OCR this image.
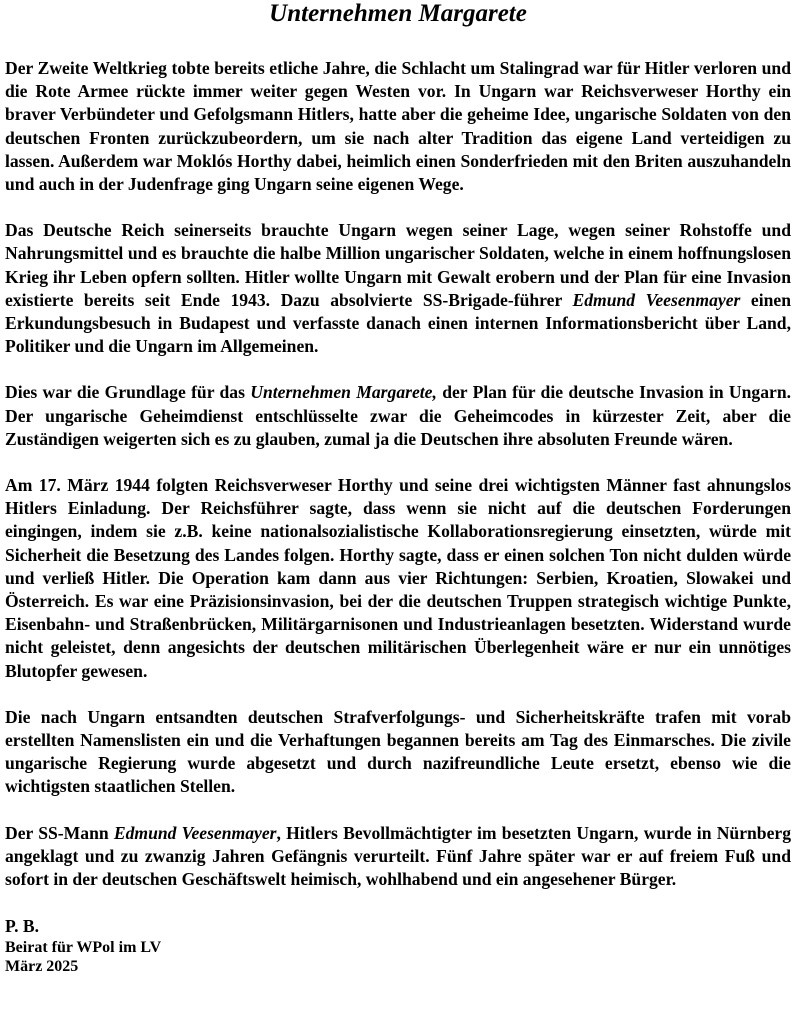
Unternehmen Margarete

Der Zweite Weltkrieg tobte bereits etliche Jahre, die Schlacht um Stalingrad war für Hitler verloren und die Rote Armee rückte immer weiter gegen Westen vor. In Ungarn war Reichsverweser Horthy ein braver Verbündeter und Gefolgsmann Hitlers, hatte aber die geheime Idee, ungarische Soldaten von den deutschen Fronten zurückzubeordern, um sie nach alter Tradition das eigene Land verteidigen zu lassen. Außerdem war Moklós Horthy dabei, heimlich einen Sonderfrieden mit den Briten auszuhandeln und auch in der Judenfrage ging Ungarn seine eigenen Wege.

Das Deutsche Reich seinerseits brauchte Ungarn wegen seiner Lage, wegen seiner Rohstoffe und Nahrungsmittel und es brauchte die halbe Million ungarischer Soldaten, welche in einem hoffnungslosen Krieg ihr Leben opfern sollten. Hitler wollte Ungarn mit Gewalt erobern und der Plan für eine Invasion existierte bereits seit Ende 1943. Dazu absolvierte SS-Brigade-führer Edmund Veesenmayer einen Erkundungsbesuch in Budapest und verfasste danach einen internen Informationsbericht über Land, Politiker und die Ungarn im Allgemeinen.

Dies war die Grundlage für das Unternehmen Margarete, der Plan für die deutsche Invasion in Ungarn. Der ungarische Geheimdienst entschlüsselte zwar die Geheimcodes in kürzester Zeit, aber die Zuständigen weigerten sich es zu glauben, zumal ja die Deutschen ihre absoluten Freunde wären.

Am 17. März 1944 folgten Reichsverweser Horthy und seine drei wichtigsten Männer fast ahnungslos Hitlers Einladung. Der Reichsführer sagte, dass wenn sie nicht auf die deutschen Forderungen eingingen, indem sie z.B. keine nationalsozialistische Kollaborationsregierung einsetzten, würde mit Sicherheit die Besetzung des Landes folgen. Horthy sagte, dass er einen solchen Ton nicht dulden würde und verließ Hitler. Die Operation kam dann aus vier Richtungen: Serbien, Kroatien, Slowakei und Österreich. Es war eine Präzisionsinvasion, bei der die deutschen Truppen strategisch wichtige Punkte, Eisenbahn- und Straßenbrücken, Militärgarnisonen und Industrieanlagen besetzten. Widerstand wurde nicht geleistet, denn angesichts der deutschen militärischen Überlegenheit wäre er nur ein unnötiges Blutopfer gewesen.

Die nach Ungarn entsandten deutschen Strafverfolgungs- und Sicherheitskräfte trafen mit vorab erstellten Namenslisten ein und die Verhaftungen begannen bereits am Tag des Einmarsches. Die zivile ungarische Regierung wurde abgesetzt und durch nazifreundliche Leute ersetzt, ebenso wie die wichtigsten staatlichen Stellen.

Der SS-Mann Edmund Veesenmayer, Hitlers Bevollmächtigter im besetzten Ungarn, wurde in Nürnberg angeklagt und zu zwanzig Jahren Gefängnis verurteilt. Fünf Jahre später war er auf freiem Fuß und sofort in der deutschen Geschäftswelt heimisch, wohlhabend und ein angesehener Bürger.

P. B.
Beirat für WPol im LV
März 2025
